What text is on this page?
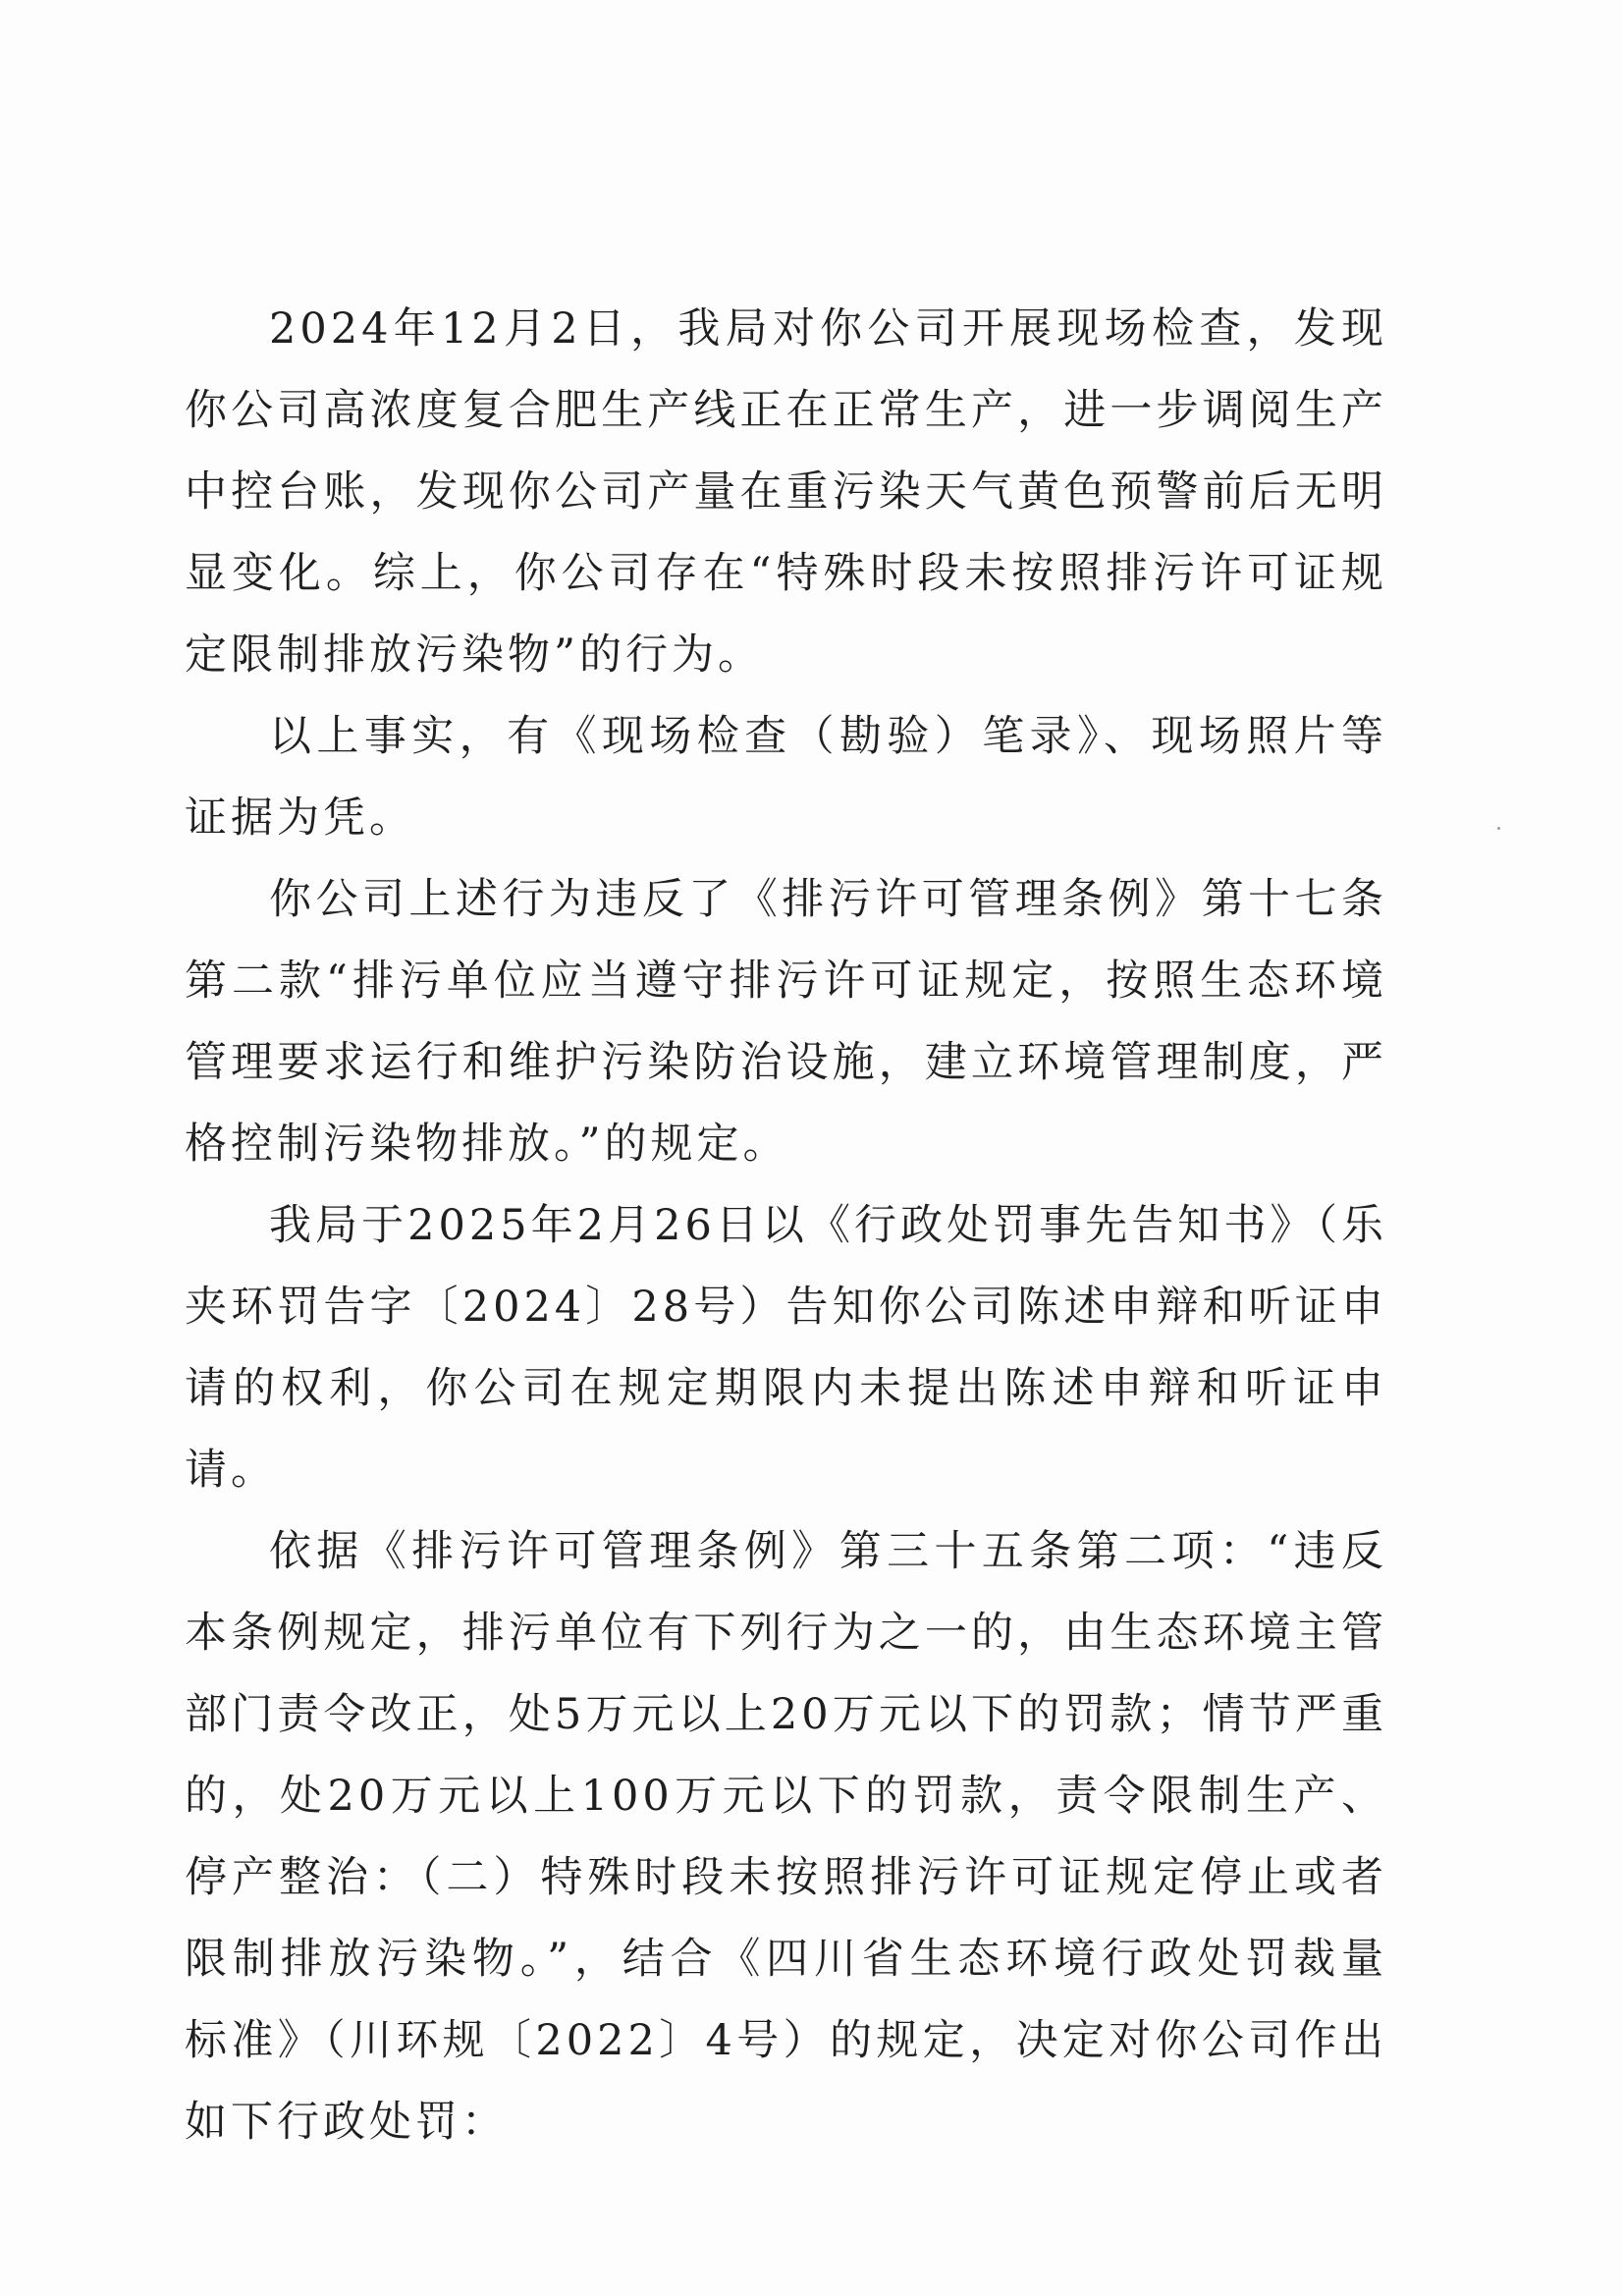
2024年12月2日，我局对你公司开展现场检查，发现你公司高浓度复合肥生产线正在正常生产，进一步调阅生产中控台账，发现你公司产量在重污染天气黄色预警前后无明显变化。综上，你公司存在“特殊时段未按照排污许可证规定限制排放污染物”的行为。

以上事实，有《现场检查（勘验）笔录》、现场照片等证据为凭。

你公司上述行为违反了《排污许可管理条例》第十七条第二款“排污单位应当遵守排污许可证规定，按照生态环境管理要求运行和维护污染防治设施，建立环境管理制度，严格控制污染物排放。”的规定。

我局于2025年2月26日以《行政处罚事先告知书》（乐夹环罚告字〔2024〕28号）告知你公司陈述申辩和听证申请的权利，你公司在规定期限内未提出陈述申辩和听证申请。

依据《排污许可管理条例》第三十五条第二项：“违反本条例规定，排污单位有下列行为之一的，由生态环境主管部门责令改正，处5万元以上20万元以下的罚款；情节严重的，处20万元以上100万元以下的罚款，责令限制生产、停产整治：（二）特殊时段未按照排污许可证规定停止或者限制排放污染物。”，结合《四川省生态环境行政处罚裁量标准》（川环规〔2022〕4号）的规定，决定对你公司作出如下行政处罚：
